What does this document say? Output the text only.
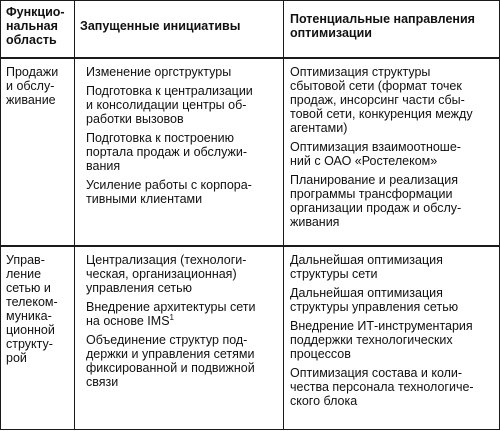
Функцио-
нальная
область
Запущенные инициативы	Потенциальные направления
оптимизации
Продажи
и обслу-
живание
Изменение оргструктуры
Подготовка к централизации
и консолидации центры об-
работки вызовов
Подготовка к построению
портала продаж и обслужи-
вания
Усиление работы с корпора-
тивными клиентами
Оптимизация структуры
сбытовой сети (формат точек
продаж, инсорсинг части сбы-
товой сети, конкуренция между
агентами)
Оптимизация взаимоотноше-
ний с ОАО «Ростелеком»
Планирование и реализация
программы трансформации
организации продаж и обслу-
живания
Управ-
ление
сетью и
телеком-
муника-
ционной
структу-
рой
Централизация (технологи-
ческая, организационная)
управления сетью
Внедрение архитектуры сети
на основе IMS$^1$
Объединение структур под-
держки и управления сетями
фиксированной и подвижной
связи
Дальнейшая оптимизация
структуры сети
Дальнейшая оптимизация
структуры управления сетью
Внедрение ИТ-инструментария
поддержки технологических
процессов
Оптимизация состава и коли-
чества персонала технологиче-
ского блока
